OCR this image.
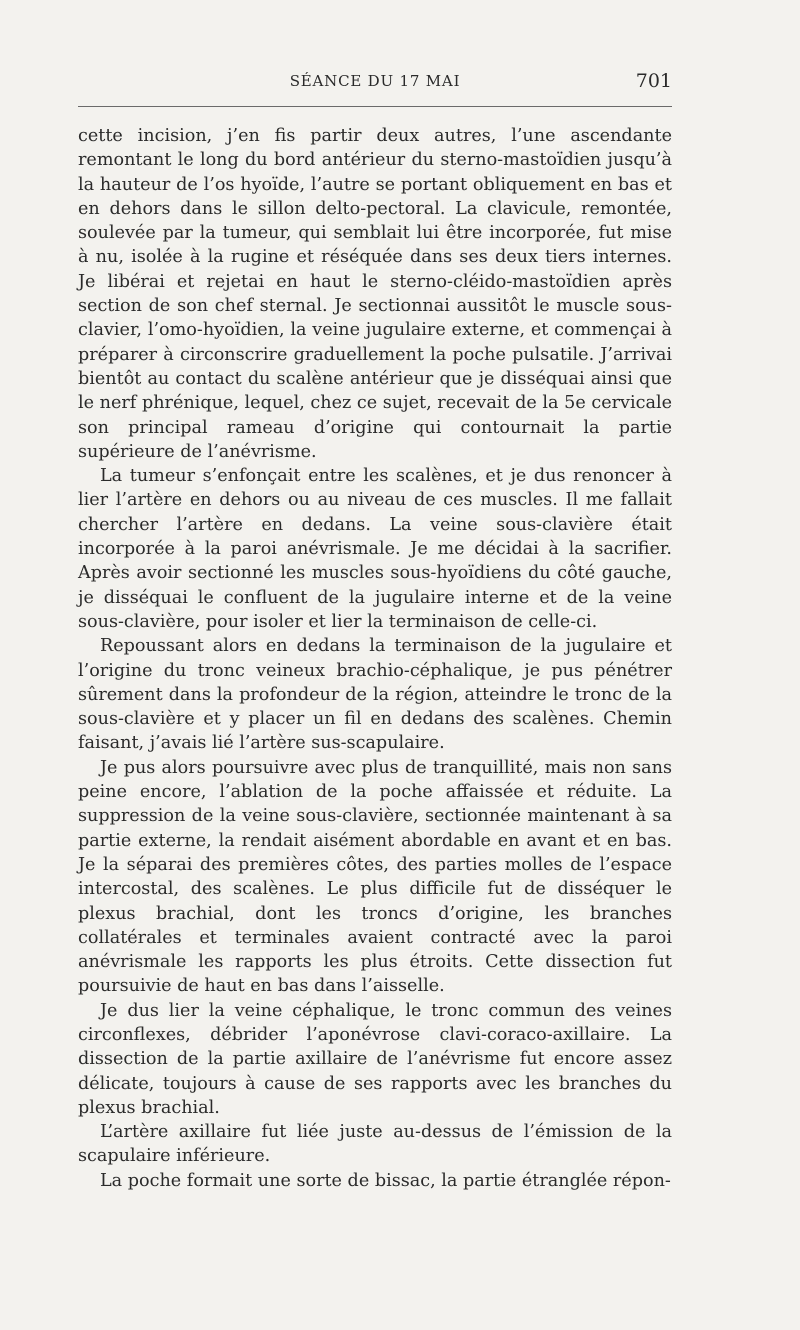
SÉANCE DU 17 MAI	701

cette incision, j’en fis partir deux autres, l’une ascendante remontant le long du bord antérieur du sterno-mastoïdien jusqu’à la hauteur de l’os hyoïde, l’autre se portant obliquement en bas et en dehors dans le sillon delto-pectoral. La clavicule, remontée, soulevée par la tumeur, qui semblait lui être incorporée, fut mise à nu, isolée à la rugine et réséquée dans ses deux tiers internes. Je libérai et rejetai en haut le sterno-cléido-mastoïdien après section de son chef sternal. Je sectionnai aussitôt le muscle sous-clavier, l’omo-hyoïdien, la veine jugulaire externe, et commençai à préparer à circonscrire graduellement la poche pulsatile. J’arrivai bientôt au contact du scalène antérieur que je disséquai ainsi que le nerf phrénique, lequel, chez ce sujet, recevait de la 5e cervicale son principal rameau d’origine qui contournait la partie supérieure de l’anévrisme.

La tumeur s’enfonçait entre les scalènes, et je dus renoncer à lier l’artère en dehors ou au niveau de ces muscles. Il me fallait chercher l’artère en dedans. La veine sous-clavière était incorporée à la paroi anévrismale. Je me décidai à la sacrifier. Après avoir sectionné les muscles sous-hyoïdiens du côté gauche, je disséquai le confluent de la jugulaire interne et de la veine sous-clavière, pour isoler et lier la terminaison de celle-ci.

Repoussant alors en dedans la terminaison de la jugulaire et l’origine du tronc veineux brachio-céphalique, je pus pénétrer sûrement dans la profondeur de la région, atteindre le tronc de la sous-clavière et y placer un fil en dedans des scalènes. Chemin faisant, j’avais lié l’artère sus-scapulaire.

Je pus alors poursuivre avec plus de tranquillité, mais non sans peine encore, l’ablation de la poche affaissée et réduite. La suppression de la veine sous-clavière, sectionnée maintenant à sa partie externe, la rendait aisément abordable en avant et en bas. Je la séparai des premières côtes, des parties molles de l’espace intercostal, des scalènes. Le plus difficile fut de disséquer le plexus brachial, dont les troncs d’origine, les branches collatérales et terminales avaient contracté avec la paroi anévrismale les rapports les plus étroits. Cette dissection fut poursuivie de haut en bas dans l’aisselle.

Je dus lier la veine céphalique, le tronc commun des veines circonflexes, débrider l’aponévrose clavi-coraco-axillaire. La dissection de la partie axillaire de l’anévrisme fut encore assez délicate, toujours à cause de ses rapports avec les branches du plexus brachial.

L’artère axillaire fut liée juste au-dessus de l’émission de la scapulaire inférieure.

La poche formait une sorte de bissac, la partie étranglée répon-
